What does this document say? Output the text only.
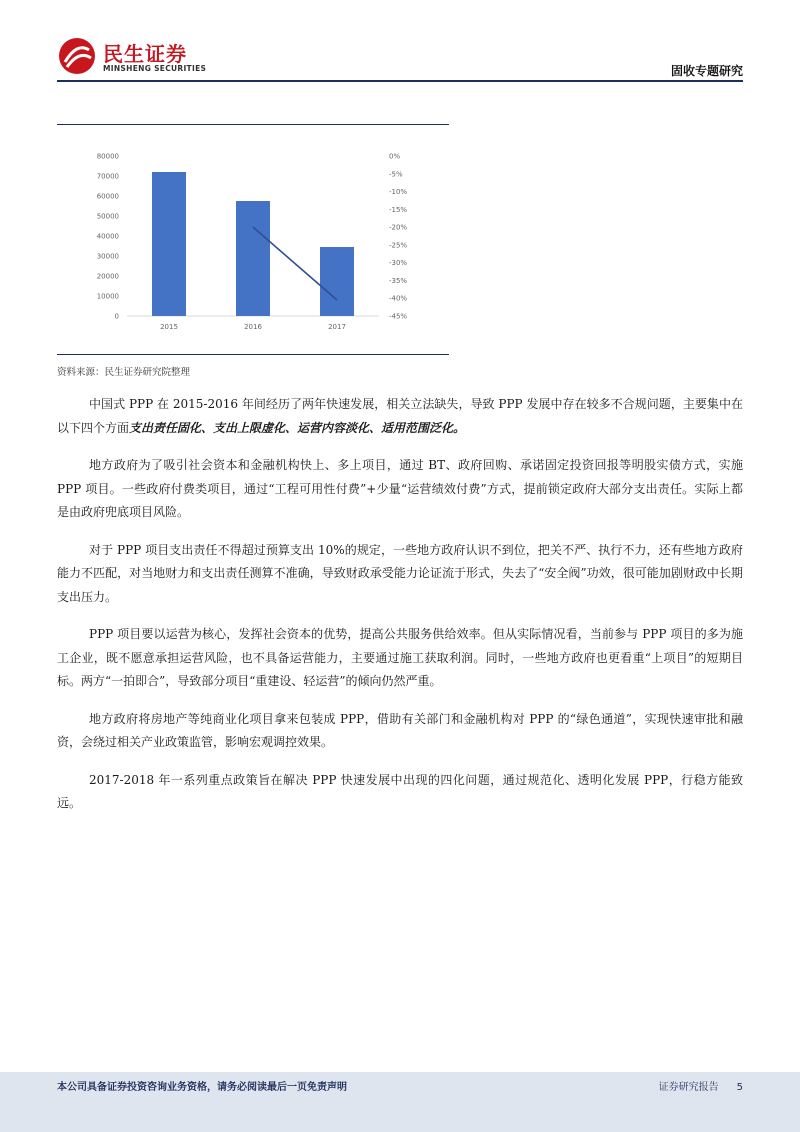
民生证券
MINSHENG SECURITIES	固收专题研究
80000
70000
60000
50000
40000
30000
20000
10000
0
0%
-5%
-10%
-15%
-20%
-25%
-30%
-35%
-40%
-45%
2015	2016	2017
资料来源：民生证券研究院整理

中国式 PPP 在 2015-2016 年间经历了两年快速发展，相关立法缺失，导致 PPP 发展中存在较多不合规问题，主要集中在以下四个方面支出责任固化、支出上限虚化、运营内容淡化、适用范围泛化。

地方政府为了吸引社会资本和金融机构快上、多上项目，通过 BT、政府回购、承诺固定投资回报等明股实债方式，实施 PPP 项目。一些政府付费类项目，通过“工程可用性付费”+少量“运营绩效付费”方式，提前锁定政府大部分支出责任。实际上都是由政府兜底项目风险。

对于 PPP 项目支出责任不得超过预算支出 10%的规定，一些地方政府认识不到位，把关不严、执行不力，还有些地方政府能力不匹配，对当地财力和支出责任测算不准确，导致财政承受能力论证流于形式，失去了“安全阀”功效，很可能加剧财政中长期支出压力。

PPP 项目要以运营为核心，发挥社会资本的优势，提高公共服务供给效率。但从实际情况看，当前参与 PPP 项目的多为施工企业，既不愿意承担运营风险，也不具备运营能力，主要通过施工获取利润。同时，一些地方政府也更看重“上项目”的短期目标。两方“一拍即合”，导致部分项目“重建设、轻运营”的倾向仍然严重。

地方政府将房地产等纯商业化项目拿来包装成 PPP，借助有关部门和金融机构对 PPP 的“绿色通道”，实现快速审批和融资，会绕过相关产业政策监管，影响宏观调控效果。

2017-2018 年一系列重点政策旨在解决 PPP 快速发展中出现的四化问题，通过规范化、透明化发展 PPP，行稳方能致远。

本公司具备证券投资咨询业务资格，请务必阅读最后一页免责声明	证券研究报告 5
